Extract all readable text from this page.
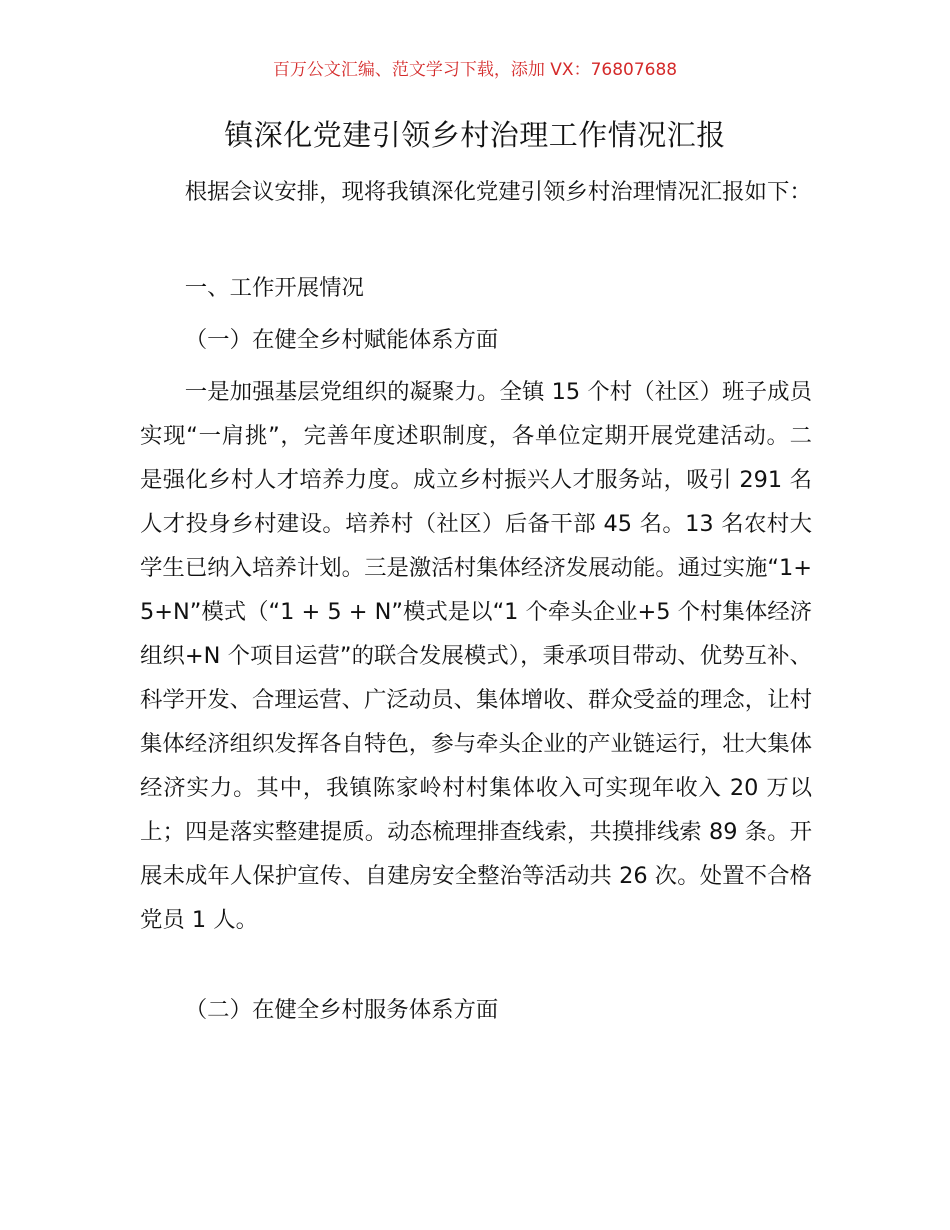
百万公文汇编、范文学习下载，添加 VX：76807688
镇深化党建引领乡村治理工作情况汇报
根据会议安排，现将我镇深化党建引领乡村治理情况汇报如下：
一、工作开展情况
（一）在健全乡村赋能体系方面
一是加强基层党组织的凝聚力。全镇 15 个村（社区）班子成员实现“一肩挑”，完善年度述职制度，各单位定期开展党建活动。二是强化乡村人才培养力度。成立乡村振兴人才服务站，吸引 291 名人才投身乡村建设。培养村（社区）后备干部 45 名。13 名农村大学生已纳入培养计划。三是激活村集体经济发展动能。通过实施“1+5+N”模式（“1 + 5 + N”模式是以“1 个牵头企业+5 个村集体经济组织+N 个项目运营”的联合发展模式），秉承项目带动、优势互补、科学开发、合理运营、广泛动员、集体增收、群众受益的理念，让村集体经济组织发挥各自特色，参与牵头企业的产业链运行，壮大集体经济实力。其中，我镇陈家岭村村集体收入可实现年收入 20 万以上；四是落实整建提质。动态梳理排查线索，共摸排线索 89 条。开展未成年人保护宣传、自建房安全整治等活动共 26 次。处置不合格党员 1 人。
（二）在健全乡村服务体系方面
